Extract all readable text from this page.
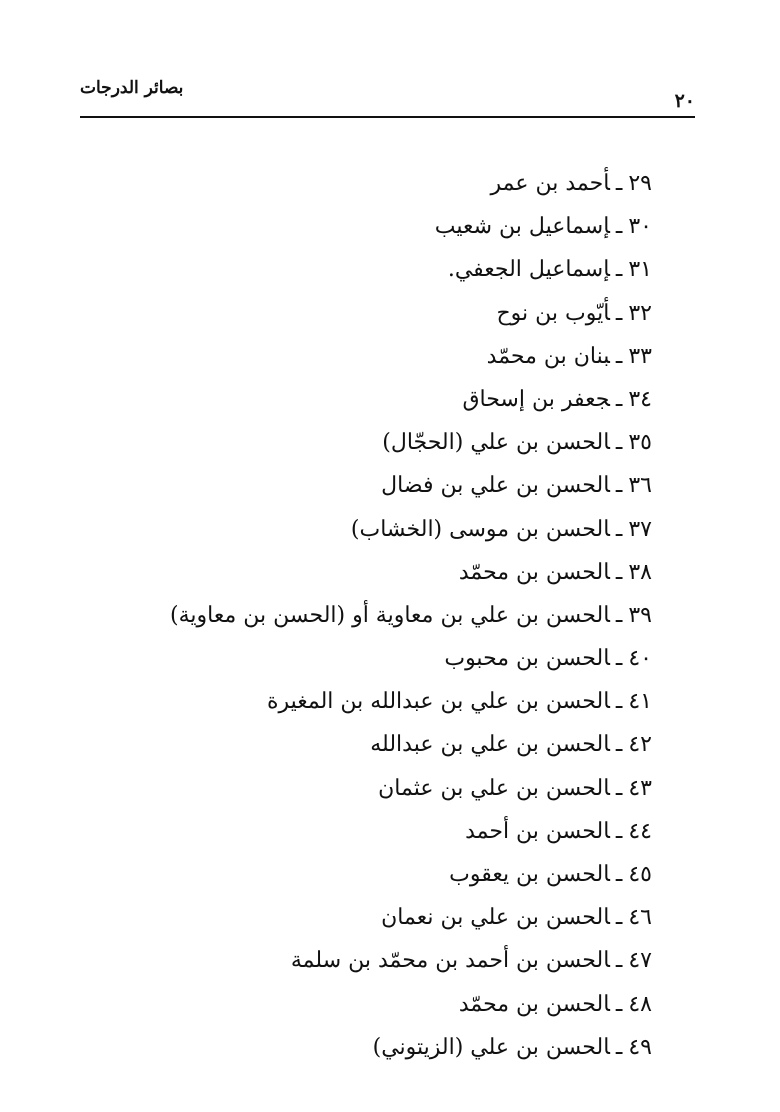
بصائر الدرجات
٢٠
٢٩ـأحمد بن عمر
٣٠ـإسماعيل بن شعيب
٣١ـإسماعيل الجعفي.
٣٢ـأيّوب بن نوح
٣٣ـبنان بن محمّد
٣٤ـجعفر بن إسحاق
٣٥ـالحسن بن علي (الحجّال)
٣٦ـالحسن بن علي بن فضال
٣٧ـالحسن بن موسى (الخشاب)
٣٨ـالحسن بن محمّد
٣٩ـالحسن بن علي بن معاوية أو (الحسن بن معاوية)
٤٠ـالحسن بن محبوب
٤١ـالحسن بن علي بن عبدالله بن المغيرة
٤٢ـالحسن بن علي بن عبدالله
٤٣ـالحسن بن علي بن عثمان
٤٤ـالحسن بن أحمد
٤٥ـالحسن بن يعقوب
٤٦ـالحسن بن علي بن نعمان
٤٧ـالحسن بن أحمد بن محمّد بن سلمة
٤٨ـالحسن بن محمّد
٤٩ـالحسن بن علي (الزيتوني)
